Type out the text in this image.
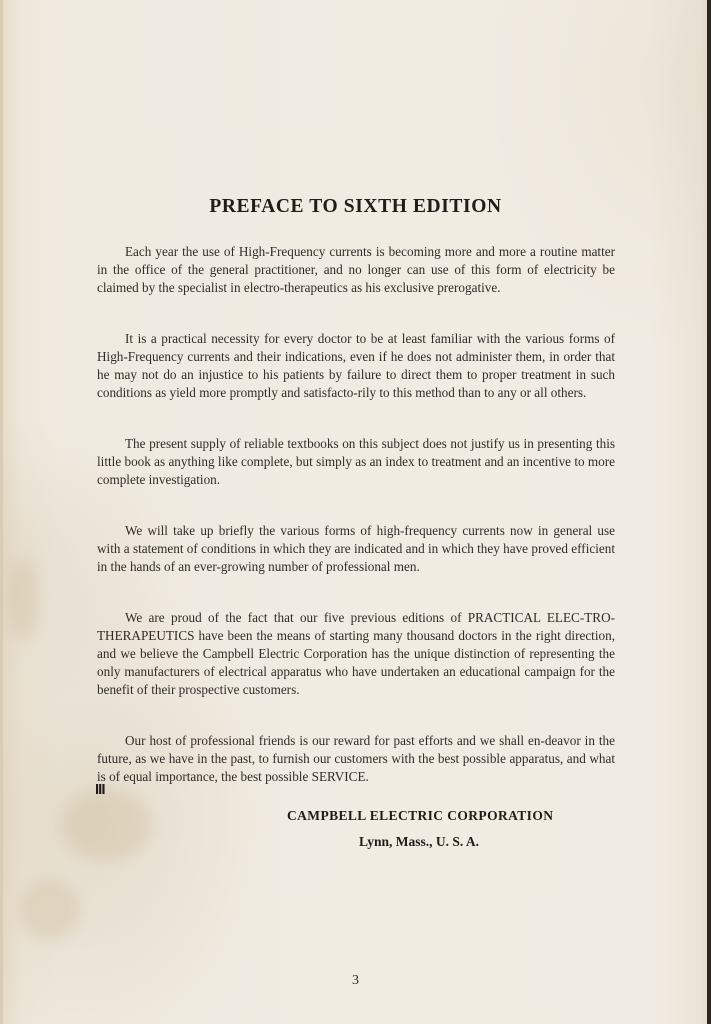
PREFACE TO SIXTH EDITION

Each year the use of High-Frequency currents is becoming more and more a routine matter in the office of the general practitioner, and no longer can use of this form of electricity be claimed by the specialist in electro-therapeutics as his exclusive prerogative.

It is a practical necessity for every doctor to be at least familiar with the various forms of High-Frequency currents and their indications, even if he does not administer them, in order that he may not do an injustice to his patients by failure to direct them to proper treatment in such conditions as yield more promptly and satisfacto-rily to this method than to any or all others.

The present supply of reliable textbooks on this subject does not justify us in presenting this little book as anything like complete, but simply as an index to treatment and an incentive to more complete investigation.

We will take up briefly the various forms of high-frequency currents now in general use with a statement of conditions in which they are indicated and in which they have proved efficient in the hands of an ever-growing number of professional men.

We are proud of the fact that our five previous editions of PRACTICAL ELEC-TRO-THERAPEUTICS have been the means of starting many thousand doctors in the right direction, and we believe the Campbell Electric Corporation has the unique distinction of representing the only manufacturers of electrical apparatus who have undertaken an educational campaign for the benefit of their prospective customers.

Our host of professional friends is our reward for past efforts and we shall en-deavor in the future, as we have in the past, to furnish our customers with the best possible apparatus, and what is of equal importance, the best possible SERVICE.

III

CAMPBELL ELECTRIC CORPORATION

Lynn, Mass., U. S. A.

3
